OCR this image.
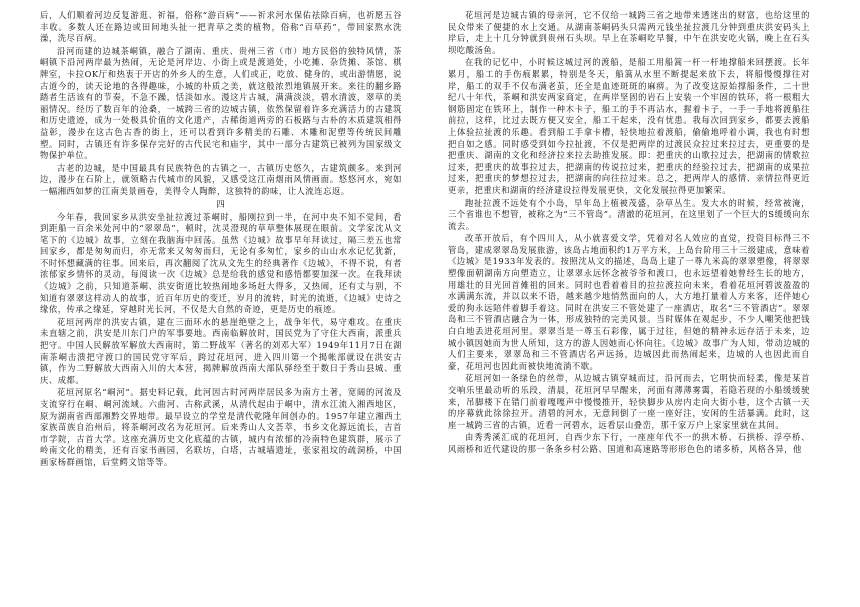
后，人们顺着河边反复游逛、祈福，俗称“游百病”——祈求河水保佑祛除百病，也祈愿五谷丰收。多数人还在路边或田间地头扯一把青草之类的植物，俗称“百草药”，带回家熬水洗澡，洗尽百病。

沿河而建的边城茶峒镇，融合了湖南、重庆、贵州三省（市）地方民俗的独特风情，茶峒镇下沿河两岸最为热闹，无论是河岸边、小街上或是渡道处，小吃摊、杂货摊、茶馆、棋牌室，卡拉OK厅和热衷于开店的外乡人的生意，人们或正，吃放、健身的，或出游情愿，说古道今的，读天论地的各得趣味，小城的朴质之美，就这般浓烈地镇展开来。来往的翻乡路踏者生活该有的节奏，不急不躁，恬淡如水。漫这片古城，满满淡淡，碧水清波，翠草的美丽情况。经历了数百年的沧桑，一城跨三省的边城古镇，依然保留着许多充满活力的古建筑和历史遗迹，成为一处极具价值的文化遗产，古稀街道两旁的石板路与古朴的木质建筑相得益彰，漫步在这古色古香的街上，还可以看到许多精美的石雕、木雕和泥塑等传统民间雕塑。同时，古镇还有许多保存完好的古代民宅和庙宇，其中一部分古建筑已被列为国家级文物保护单位。

古老的边城，是中国最具有民族特色的古镇之一，古镇历史悠久，古建筑颇多。来到河边，漫步在石阶上，就领略古代城市的风貌，又感受这江南烟雨风情画面。悠悠河水，宛如一幅湘西如梦的江南美景画卷，美得令人陶醉，这独特的韵味，让人流连忘返。

四

今年春，我回家乡从洪安坐扯拉渡过茶峒时，船刚拉到一半，在河中央不知不觉间，看到距船一百余米处河中的“翠翠岛”，顿时，沈灵澄现的草草整体展现在眼前。文学家沈从文笔下的《边城》故事，立刻在我脑海中回荡。虽然《边城》故事早年拜读过，隔三差五也常回家乡，都是匆匆而归，亦无常来又匆匆而归，无论有多匆忙，家乡的山山水水记忆犹新，不时怀想藏满的往事。回来后，再次翻阅了沈从文先生的经典著作《边城》，不得不说，有者浓郁家乡情怀的灵动，每阅读一次《边城》总是给我的感觉和感悟都要加深一次。在我拜读《边城》之前，只知道茶峒、洪安街道比较热闹地多场赶大得多，又热闹，还有丈与别，不知道有翠翠这样动人的故事，近百年历史的变迁，岁月的流转，时光的流逝，《边城》史诗之缘依，传承之缘延，穿越时光长河，不仅是大自然的奇迹，更是历史的痕迹。

花垣河两岸的洪安古镇，建在三面环水的悬崖绝壁之上，战争年代，易守难攻。在重庆未直辖之前，洪安是川东门户的军事要地。西南临解放时，国民党为了守住大西南，派重兵把守。中国人民解放军解放大西南时，第二野战军（著名的刘邓大军）1949年11月7日在湖南茶峒击溃把守渡口的国民党守军后，跨过花垣河，进入四川第一个揭帐部就设在洪安古镇，作为二野解放大西南入川的大本营，揭牌解放西南大部队驿经至于数日于秀山县城、重庆、成都。

花垣河原名“峒河”。据史料记载，此河因古时河两岸居民多为南方土著，宽阔的河流及支流穿行在峒、峒河流域。六曲河、古称武溪，从清代起由于峒中，清水江流入湘西地区，原为湖南省西部湘黔交界地带。最早设立的学堂是清代乾隆年间创办的。1957年建立湘西土家族苗族自治州后，将茶峒河改名为花垣河。后来秀山人文荟萃，书乡文化源远流长，吉首市学院，古首大学。这座充满历史文化底蕴的古镇，城内有浓郁的冷南特色建筑群，展示了岭南文化的精美，还有百家书画园，名联坊，白塔，古城墙遗址，张家祖坟的疏洞桥，中国画家杨群画馆，后堂鳄文馆等等。

花垣河是边城古镇的母亲河，它不仅给一城跨三省之地带来透迷出的财富，也给这里的民众带来了便捷的水上交通。从湖南茶峒码头只需两元钱坐扯拉渡几分钟到重庆洪安码头上岸后，走上十几分钟就到贵州石头坝。早上在茶峒吃早餐，中午在洪安吃火锅，晚上在石头坝吃酸汤鱼。

在我的记忆中，小时候这城过河的渡船，是船工用船篙一杆一杆地撑船来回摆渡。长年累月，船工的手伤痕累累，特别是冬天，船篙从水里不断提起来放下去，将船慢慢撑往对岸，船工的双手不仅布满老茧，还全是血迹斑斑的麻痹。为了改变这原始撑船条件，二十世纪八十年代，茶峒和洪安两家商定，在两岸坚固的岩石上安装一个牢固的铁环，将一根粗大钢筋固定在铁环上，制作一种木卡子，船工的手不再沾水，握着卡子，一手一手地将渡船往前拉，这样，比过去既方便又安全，船工干起来，没有忧患。我每次回到家乡，都要去渡船上体验拉扯渡的乐趣。看到船工手拿卡槽，轻快地拉着渡船，偷偷地呼着小调，我也有时想把自如之感。同时感受到如今拉扯渡，不仅是把两岸的过渡民众拉过来拉过去，更重要的是把重庆、湖南的文化和经济拉来拉去助推发展。即：把重庆的山歌拉过去，把湖南的情歌拉过来，把重庆的故事拉过去，把湖南的传说拉过来，把重庆的经验拉过去，把湖南的成果拉过来，把重庆的梦想拉过去，把湖南的向往拉过来。总之，把两岸人的感情、亲情拉得更近更亲，把重庆和湖南的经济建设拉得发展更快，文化发展拉得更加繁荣。

跑扯拉渡不远处有个小岛，早年岛上植被茂盛，杂草丛生。发大水的时候，经常被淹，三个省谁也不想管，被称之为“三不管岛”。清澈的花垣河，在这里划了一个巨大的S缓缓向东流去。

改革开放后，有个四川人，从小就喜爱文学，凭着对名人效应的直觉，投资目标得三不管岛，建成翠翠岛发展旅游，该岛占地面积约1万平方米，上岛台阶用三十三级建成，意味着《边城》是1933年发表的。按照沈从文的描述，岛岛上建了一尊九米高的翠翠塑像，将翠翠塑像面朝湖南方向塑造立，让翠翠永远怀念被爷爷和渡口，也永远望着她曾经生长的地方，用雄壮的目光回首傩祖的回来。同时也看着着目的拉拉渡拉向未来，看着花垣河碧波盈盈的水满满东流，并以以来不语，越来越少地悄然面向的人，大方地打量着人方来客，还伴她心爱的狗永远陪伴着脚手着这。同时在洪安三不管处建了一座酒店，取名“三不管酒店”。翠翠岛和三不管酒店融合为一体，形成独特的完美风景。当时媒体在观起步，不少人嘲笑他把钱白白地丢进花垣河里。翠翠当是一尊玉石彩像，属于过往，但她的精神永远存活于未来，边城小镇因她而为世人所知，这方的游人因她而心怀向往。《边城》故事广为人知，带动边城的人们主要来，翠翠岛和三不管酒店名声远扬，边城因此而热闹起来，边城的人也因此而自豪，花垣河也因此而被快地流淌不歇。

花垣河如一条绿色的丝带，从边城古镇穿城而过，沿河而去，它明快而轻柔，像是某首交响乐里最动听的乐段，清晨，花垣河早早醒来，河面有薄薄雾霭，若隐若现的小船缓缓驶来，吊脚楼下在错门前着嘎嘎声中慢慢推开，轻快脚步从房内走向大街小巷，这个古镇一天的序幕就此徐徐拉开。清碧的河水，无意间倒了一座一座好注，安闲的生活暴满。此时，这座一城跨三省的古镇，近看一河碧水，远看层山叠峦，那千家万户上家家里就在其间。

由秀秀溪汇成的花垣河，自西少东下行，一座座年代不一的拱木桥、石拱桥、浮亭桥、风雨桥和近代建设的那一条条乡村公路、国道和高速路等形形色色的诸多桥，风格各异，他
